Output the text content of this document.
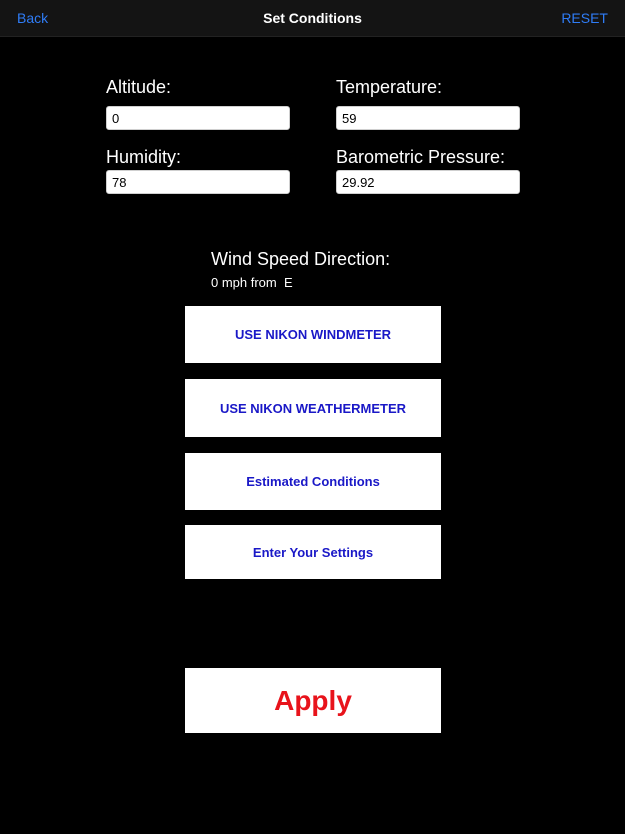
Back	Set Conditions	RESET
Altitude:
0	Temperature:
59
Humidity:
78	Barometric Pressure:
29.92
Wind Speed Direction:
0 mph from  E
USE NIKON WINDMETER
USE NIKON WEATHERMETER
Estimated Conditions
Enter Your Settings
Apply
